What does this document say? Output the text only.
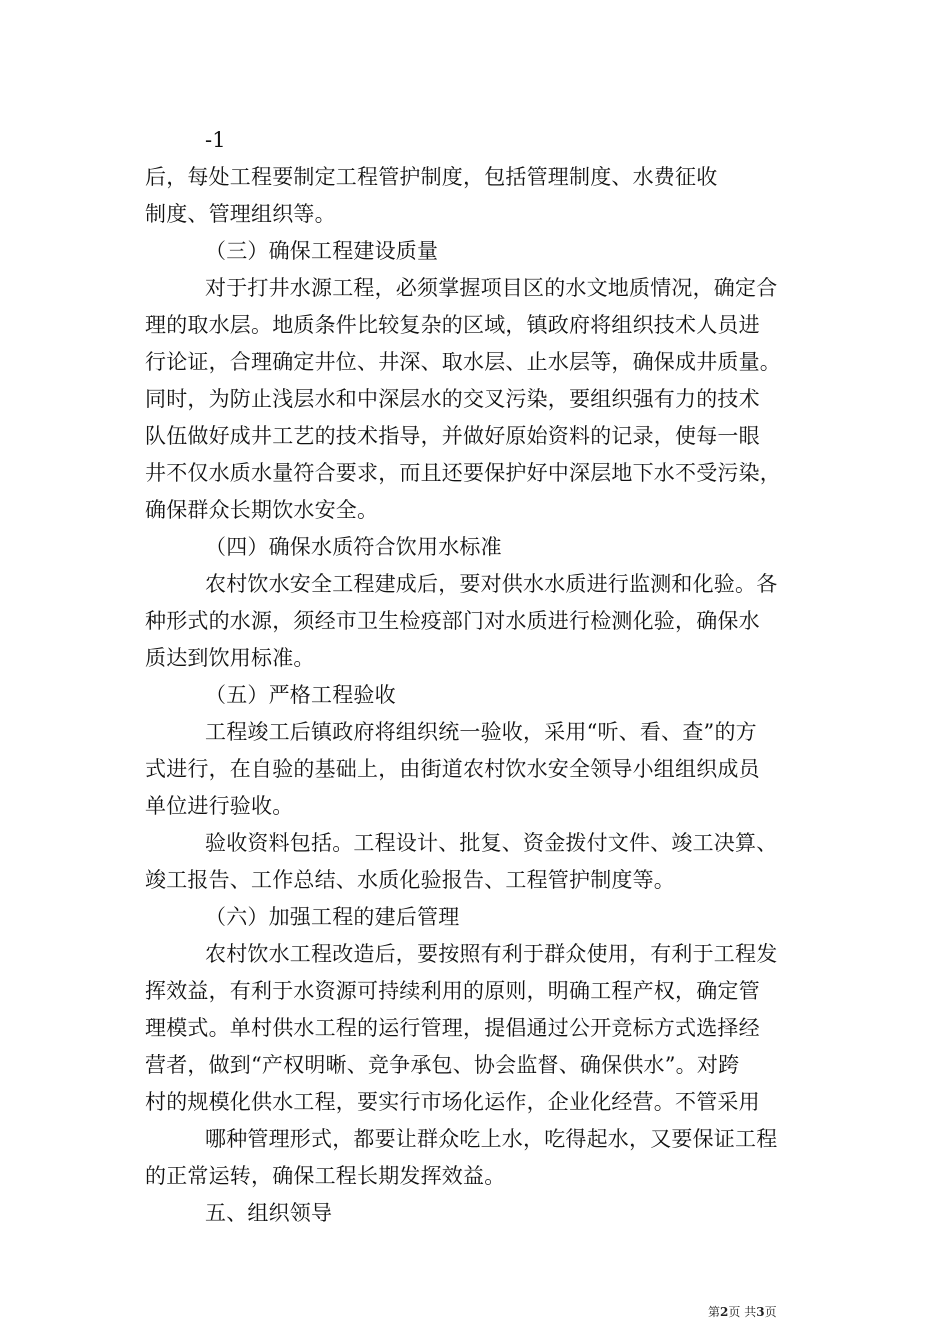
-1
后，每处工程要制定工程管护制度，包括管理制度、水费征收
制度、管理组织等。
（三）确保工程建设质量
对于打井水源工程，必须掌握项目区的水文地质情况，确定合
理的取水层。地质条件比较复杂的区域，镇政府将组织技术人员进
行论证，合理确定井位、井深、取水层、止水层等，确保成井质量。
同时，为防止浅层水和中深层水的交叉污染，要组织强有力的技术
队伍做好成井工艺的技术指导，并做好原始资料的记录，使每一眼
井不仅水质水量符合要求，而且还要保护好中深层地下水不受污染，
确保群众长期饮水安全。
（四）确保水质符合饮用水标准
农村饮水安全工程建成后，要对供水水质进行监测和化验。各
种形式的水源，须经市卫生检疫部门对水质进行检测化验，确保水
质达到饮用标准。
（五）严格工程验收
工程竣工后镇政府将组织统一验收，采用“听、看、查”的方
式进行，在自验的基础上，由街道农村饮水安全领导小组组织成员
单位进行验收。
验收资料包括。工程设计、批复、资金拨付文件、竣工决算、
竣工报告、工作总结、水质化验报告、工程管护制度等。
（六）加强工程的建后管理
农村饮水工程改造后，要按照有利于群众使用，有利于工程发
挥效益，有利于水资源可持续利用的原则，明确工程产权，确定管
理模式。单村供水工程的运行管理，提倡通过公开竞标方式选择经
营者，做到“产权明晰、竞争承包、协会监督、确保供水”。对跨
村的规模化供水工程，要实行市场化运作，企业化经营。不管采用
哪种管理形式，都要让群众吃上水，吃得起水，又要保证工程
的正常运转，确保工程长期发挥效益。
五、组织领导
第2页 共3页
